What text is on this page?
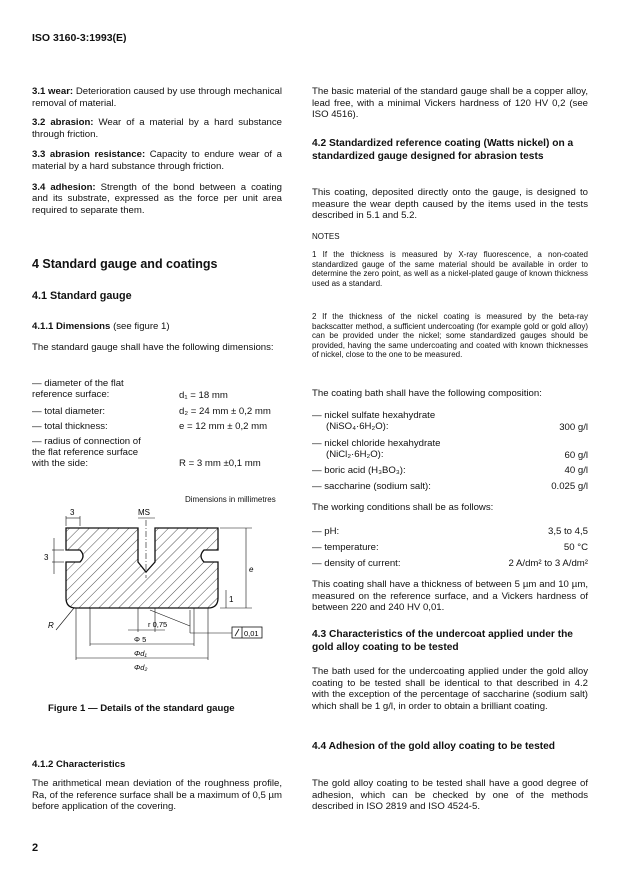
ISO 3160-3:1993(E)

3.1 wear: Deterioration caused by use through mechanical removal of material.

3.2 abrasion: Wear of a material by a hard substance through friction.

3.3 abrasion resistance: Capacity to endure wear of a material by a hard substance through friction.

3.4 adhesion: Strength of the bond between a coating and its substrate, expressed as the force per unit area required to separate them.

4 Standard gauge and coatings
4.1 Standard gauge
4.1.1 Dimensions (see figure 1)

The standard gauge shall have the following dimensions:

— diameter of the flat reference surface:	d₁ = 18 mm
— total diameter:	d₂ = 24 mm ± 0,2 mm
— total thickness:	e = 12 mm ± 0,2 mm
— radius of connection of the flat reference surface with the side:	R = 3 mm ±0,1 mm
Dimensions in millimetres
3	MS
3
e
1
R	r 0,75
Φ 5
Φd₁
Φd₂
0,01
Figure 1 — Details of the standard gauge
4.1.2 Characteristics

The arithmetical mean deviation of the roughness profile, Ra, of the reference surface shall be a maximum of 0,5 µm before application of the covering.

The basic material of the standard gauge shall be a copper alloy, lead free, with a minimal Vickers hardness of 120 HV 0,2 (see ISO 4516).

4.2 Standardized reference coating (Watts nickel) on a standardized gauge designed for abrasion tests

This coating, deposited directly onto the gauge, is designed to measure the wear depth caused by the items used in the tests described in 5.1 and 5.2.

NOTES

1 If the thickness is measured by X-ray fluorescence, a non-coated standardized gauge of the same material should be available in order to determine the zero point, as well as a nickel-plated gauge of known thickness used as a standard.

2 If the thickness of the nickel coating is measured by the beta-ray backscatter method, a sufficient undercoating (for example gold or gold alloy) can be provided under the nickel; some standardized gauges should be provided, having the same undercoating and coated with known thicknesses of nickel, close to the one to be measured.

The coating bath shall have the following composition:

— nickel sulfate hexahydrate
(NiSO₄·6H₂O):	300 g/l
— nickel chloride hexahydrate
(NiCl₂·6H₂O):	60 g/l
— boric acid (H₃BO₃):	40 g/l
— saccharine (sodium salt):	0.025 g/l

The working conditions shall be as follows:

— pH:	3,5 to 4,5
— temperature:	50 °C
— density of current:	2 A/dm² to 3 A/dm²

This coating shall have a thickness of between 5 µm and 10 µm, measured on the reference surface, and a Vickers hardness of between 220 and 240 HV 0,01.

4.3 Characteristics of the undercoat applied under the gold alloy coating to be tested

The bath used for the undercoating applied under the gold alloy coating to be tested shall be identical to that described in 4.2 with the exception of the percentage of saccharine (sodium salt) which shall be 1 g/l, in order to obtain a brilliant coating.

4.4 Adhesion of the gold alloy coating to be tested

The gold alloy coating to be tested shall have a good degree of adhesion, which can be checked by one of the methods described in ISO 2819 and ISO 4524-5.

2
